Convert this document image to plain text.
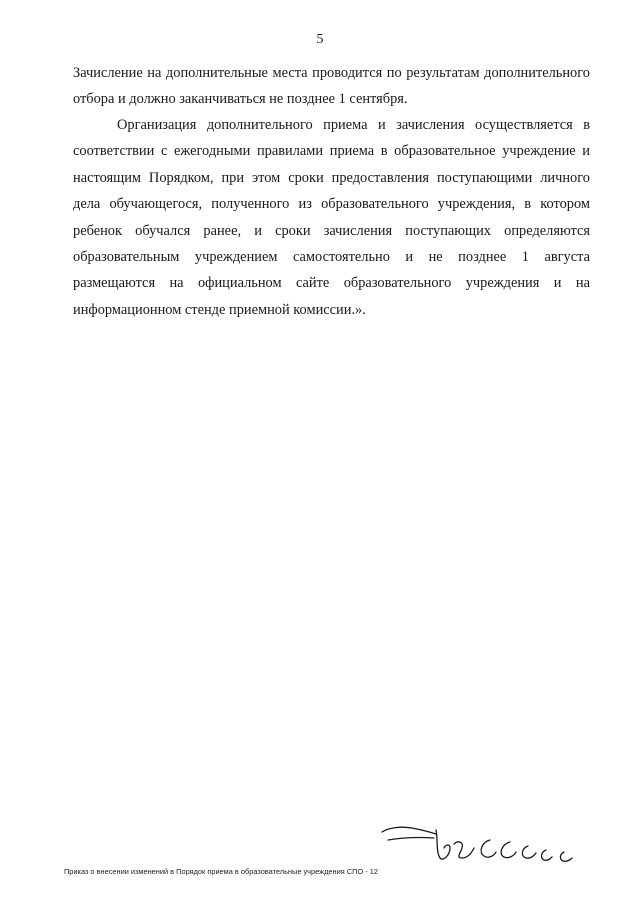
5
Зачисление на дополнительные места проводится по результатам дополнительного отбора и должно заканчиваться не позднее 1 сентября.
Организация дополнительного приема и зачисления осуществляется в соответствии с ежегодными правилами приема в образовательное учреждение и настоящим Порядком, при этом сроки предоставления поступающими личного дела обучающегося, полученного из образовательного учреждения, в котором ребенок обучался ранее, и сроки зачисления поступающих определяются образовательным учреждением самостоятельно и не позднее 1 августа размещаются на официальном сайте образовательного учреждения и на информационном стенде приемной комиссии.».
Приказ о внесении изменений в Порядок приема в образовательные учреждения СПО - 12
